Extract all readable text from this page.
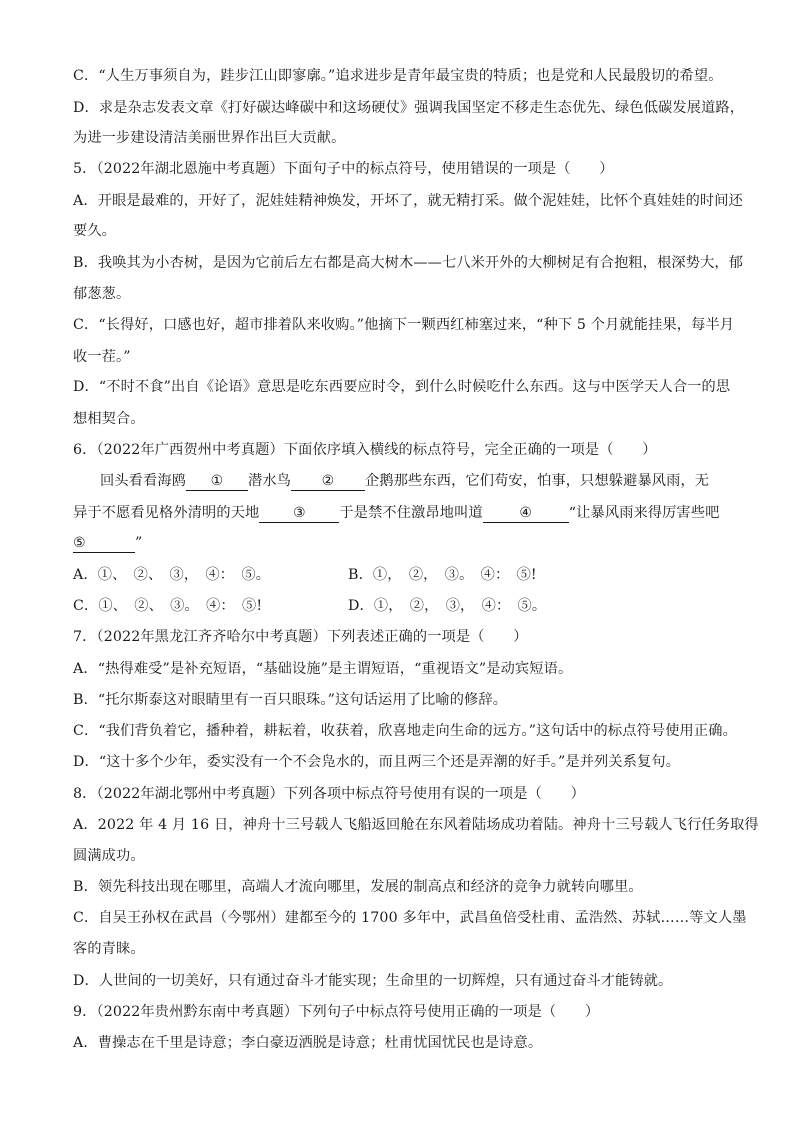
C．“人生万事须自为，跬步江山即寥廓。”追求进步是青年最宝贵的特质；也是党和人民最殷切的希望。
D．求是杂志发表文章《打好碳达峰碳中和这场硬仗》强调我国坚定不移走生态优先、绿色低碳发展道路，
为进一步建设清洁美丽世界作出巨大贡献。
5．（2022年湖北恩施中考真题）下面句子中的标点符号，使用错误的一项是（　　）
A．开眼是最难的，开好了，泥娃娃精神焕发，开坏了，就无精打采。做个泥娃娃，比怀个真娃娃的时间还
要久。
B．我唤其为小杏树，是因为它前后左右都是高大树木——七八米开外的大柳树足有合抱粗，根深势大，郁
郁葱葱。
C．“长得好，口感也好，超市排着队来收购。”他摘下一颗西红柿塞过来，“种下 5 个月就能挂果，每半月
收一茬。”
D．“不时不食”出自《论语》意思是吃东西要应时令，到什么时候吃什么东西。这与中医学天人合一的思
想相契合。
6．（2022年广西贺州中考真题）下面依序填入横线的标点符号，完全正确的一项是（　　）
回头看看海鸥 ① 潜水鸟 ② 企鹅那些东西，它们苟安，怕事，只想躲避暴风雨，无
异于不愿看见格外清明的天地 ③ 于是禁不住激昂地叫道	④	“让暴风雨来得厉害些吧
⑤	”
A．①、　②、　③，　④：　⑤。	B．①，　②，　③。　④：　⑤!
C．①、　②、　③。　④：　⑤!	D．①，　②，　③，　④：　⑤。
7．（2022年黑龙江齐齐哈尔中考真题）下列表述正确的一项是（　　）
A．“热得难受”是补充短语，“基础设施”是主谓短语，“重视语文”是动宾短语。
B．“托尔斯泰这对眼睛里有一百只眼珠。”这句话运用了比喻的修辞。
C．“我们背负着它，播种着，耕耘着，收获着，欣喜地走向生命的远方。”这句话中的标点符号使用正确。
D．“这十多个少年，委实没有一个不会凫水的，而且两三个还是弄潮的好手。”是并列关系复句。
8．（2022年湖北鄂州中考真题）下列各项中标点符号使用有误的一项是（　　）
A．2022 年 4 月 16 日，神舟十三号载人飞船返回舱在东风着陆场成功着陆。神舟十三号载人飞行任务取得
圆满成功。
B．领先科技出现在哪里，高端人才流向哪里，发展的制高点和经济的竞争力就转向哪里。
C．自吴王孙权在武昌（今鄂州）建都至今的 1700 多年中，武昌鱼倍受杜甫、孟浩然、苏轼……等文人墨
客的青睐。
D．人世间的一切美好，只有通过奋斗才能实现；生命里的一切辉煌，只有通过奋斗才能铸就。
9．（2022年贵州黔东南中考真题）下列句子中标点符号使用正确的一项是（　　）
A．曹操志在千里是诗意；李白豪迈洒脱是诗意；杜甫忧国忧民也是诗意。
